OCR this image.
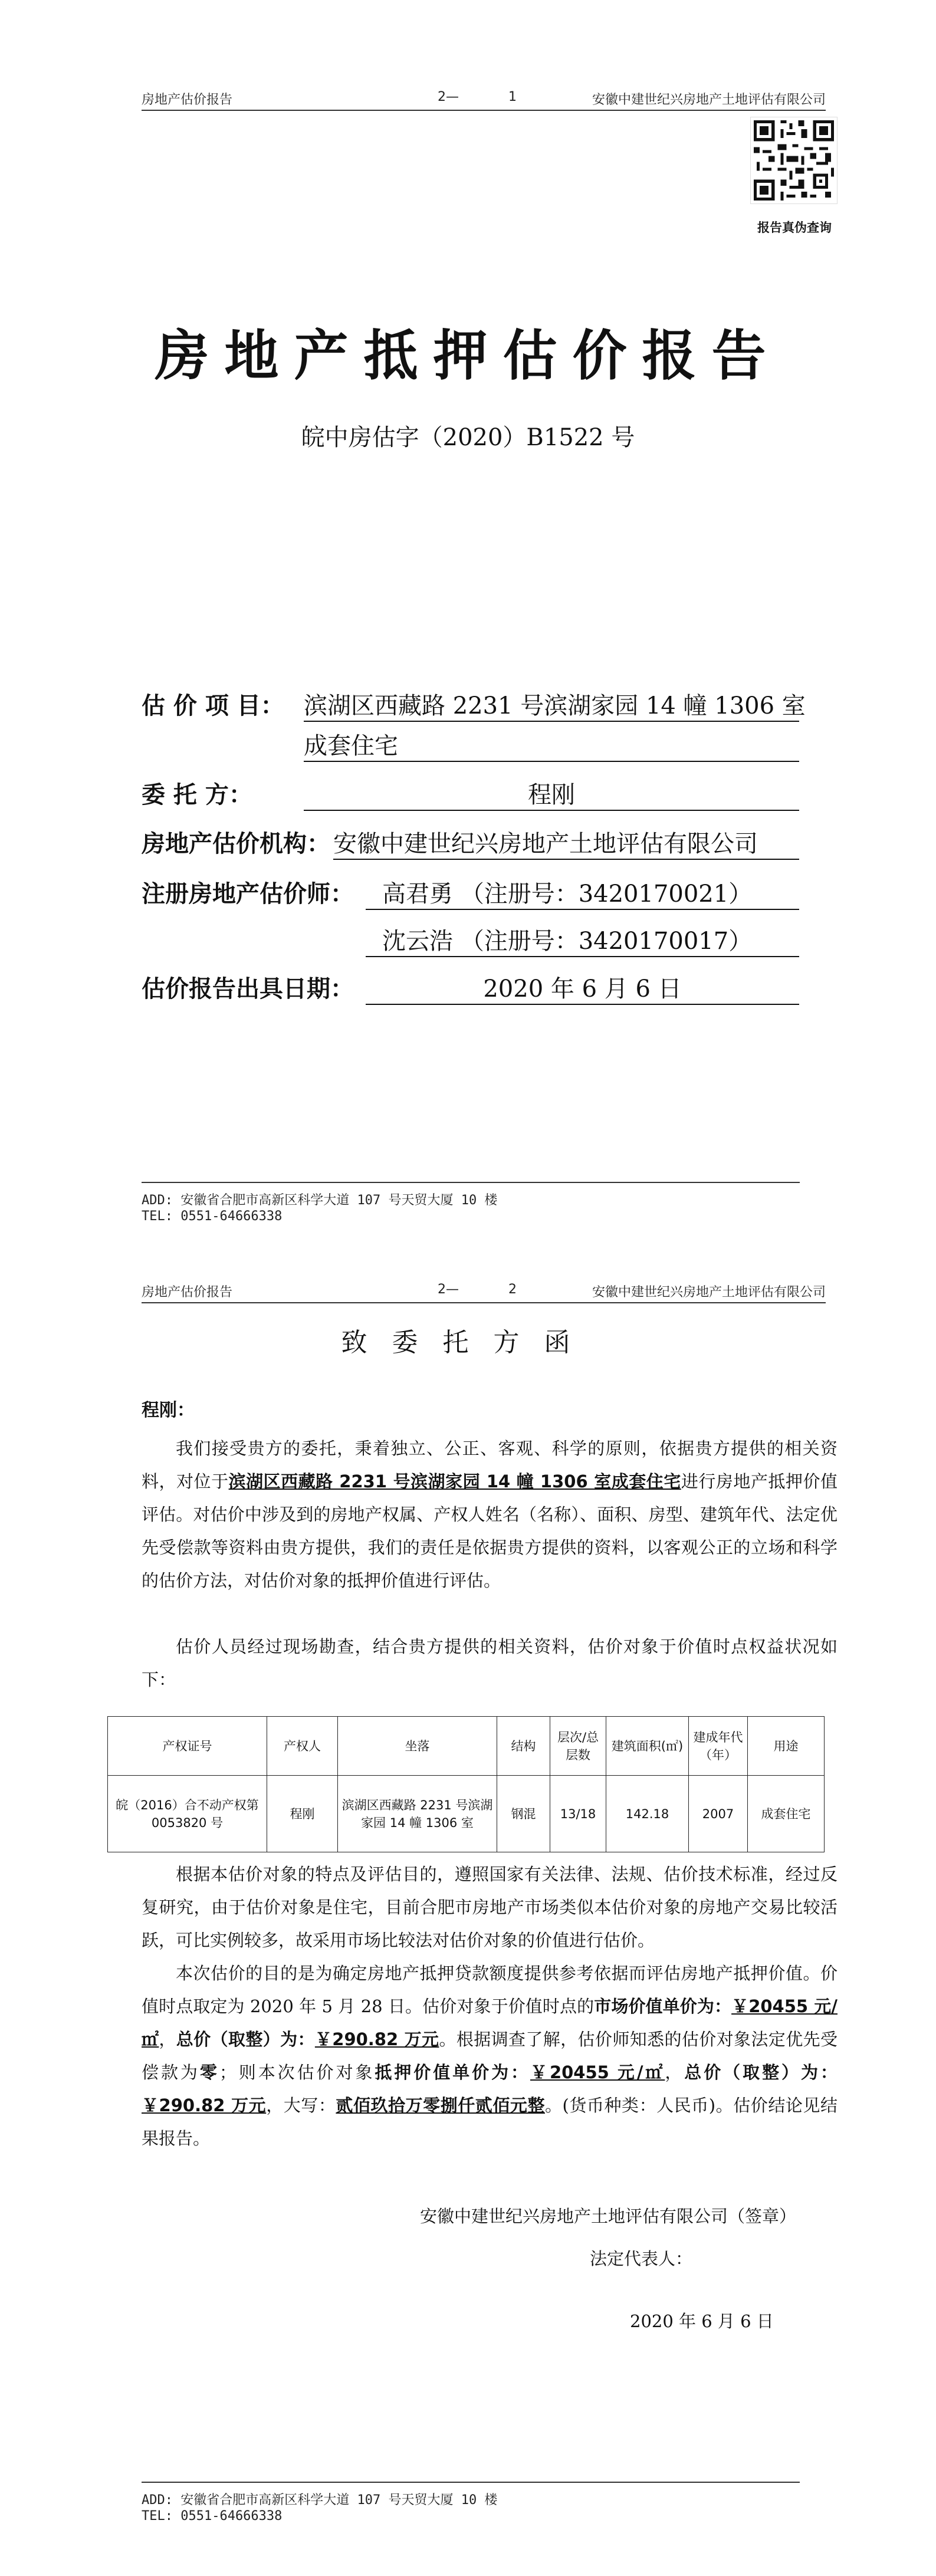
房地产估价报告	2—	1	安徽中建世纪兴房地产土地评估有限公司
报告真伪查询
房地产抵押估价报告
皖中房估字（2020）B1522 号
估 价 项 目： 滨湖区西藏路 2231 号滨湖家园 14 幢 1306 室
成套住宅
委 托 方：	程刚
房地产估价机构： 安徽中建世纪兴房地产土地评估有限公司
注册房地产估价师：	高君勇 （注册号：3420170021）
沈云浩 （注册号：3420170017）
估价报告出具日期：	2020 年 6 月 6 日
ADD: 安徽省合肥市高新区科学大道 107 号天贸大厦 10 楼
TEL: 0551-64666338
房地产估价报告	2—	2	安徽中建世纪兴房地产土地评估有限公司
致委托方函
程刚：
我们接受贵方的委托，秉着独立、公正、客观、科学的原则，依据贵方提供的相关资料，对位于滨湖区西藏路 2231 号滨湖家园 14 幢 1306 室成套住宅进行房地产抵押价值评估。对估价中涉及到的房地产权属、产权人姓名（名称）、面积、房型、建筑年代、法定优先受偿款等资料由贵方提供，我们的责任是依据贵方提供的资料，以客观公正的立场和科学的估价方法，对估价对象的抵押价值进行评估。
估价人员经过现场勘查，结合贵方提供的相关资料，估价对象于价值时点权益状况如下：
产权证号	产权人	坐落	结构	层次/总层数	建筑面积(㎡)	建成年代（年）	用途
皖（2016）合不动产权第 0053820 号	程刚	滨湖区西藏路 2231 号滨湖家园 14 幢 1306 室	钢混	13/18	142.18	2007	成套住宅
根据本估价对象的特点及评估目的，遵照国家有关法律、法规、估价技术标准，经过反复研究，由于估价对象是住宅，目前合肥市房地产市场类似本估价对象的房地产交易比较活跃，可比实例较多，故采用市场比较法对估价对象的价值进行估价。
本次估价的目的是为确定房地产抵押贷款额度提供参考依据而评估房地产抵押价值。价值时点取定为 2020 年 5 月 28 日。估价对象于价值时点的市场价值单价为：￥20455 元/㎡，总价（取整）为：￥290.82 万元。根据调查了解，估价师知悉的估价对象法定优先受偿款为零；则本次估价对象抵押价值单价为：￥20455 元/㎡，总价（取整）为：￥290.82 万元，大写：贰佰玖拾万零捌仟贰佰元整。(货币种类：人民币)。估价结论见结果报告。
安徽中建世纪兴房地产土地评估有限公司（签章）
法定代表人：
2020 年 6 月 6 日
ADD: 安徽省合肥市高新区科学大道 107 号天贸大厦 10 楼
TEL: 0551-64666338
